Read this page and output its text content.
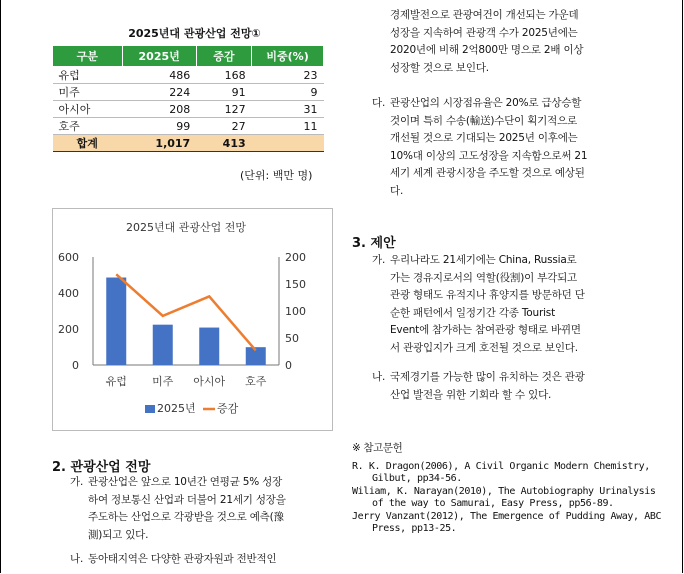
2025년대 관광산업 전망①
구분	2025년	증감	비중(%)
유럽	486	168	23
미주	224	91	9
아시아	208	127	31
호주	99	27	11
합계	1,017	413	
(단위: 백만 명)
2025년대 관광산업 전망
0
200
400
600
0
50
100
150
200
유럽 미주 아시아 호주
2025년 증감
2. 관광산업 전망
가. 관광산업은 앞으로 10년간 연평균 5% 성장
하여 정보통신 산업과 더불어 21세기 성장을
주도하는 산업으로 각광받을 것으로 예측(豫
測)되고 있다.
나. 동아태지역은 다양한 관광자원과 전반적인
경제발전으로 관광여건이 개선되는 가운데
성장을 지속하여 관광객 수가 2025년에는
2020년에 비해 2억800만 명으로 2배 이상
성장할 것으로 보인다.
다. 관광산업의 시장점유율은 20%로 급상승할
것이며 특히 수송(輸送)수단이 획기적으로
개선될 것으로 기대되는 2025년 이후에는
10%대 이상의 고도성장을 지속함으로써 21
세기 세계 관광시장을 주도할 것으로 예상된
다.
3. 제안
가. 우리나라도 21세기에는 China, Russia로
가는 경유지로서의 역할(役割)이 부각되고
관광 형태도 유적지나 휴양지를 방문하던 단
순한 패턴에서 일정기간 각종 Tourist
Event에 참가하는 참여관광 형태로 바뀌면
서 관광입지가 크게 호전될 것으로 보인다.
나. 국제경기를 가능한 많이 유치하는 것은 관광
산업 발전을 위한 기회라 할 수 있다.
※ 참고문헌

R. K. Dragon(2006), A Civil Organic Modern Chemistry, Gilbut, pp34-56.

Wiliam, K. Narayan(2010), The Autobiography Urinalysis of the way to Samurai, Easy Press, pp56-89.

Jerry Vanzant(2012), The Emergence of Pudding Away, ABC Press, pp13-25.
